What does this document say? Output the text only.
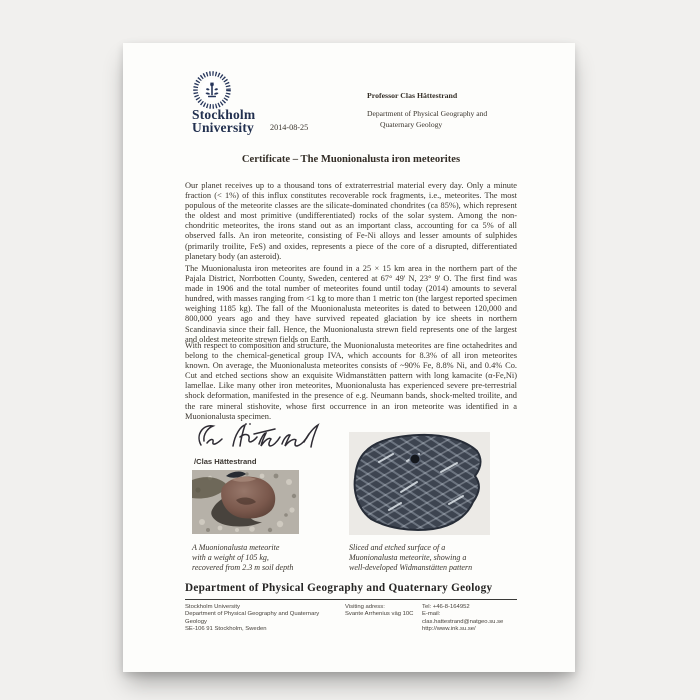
Stockholm
University 2014-08-25
Professor Clas Hättestrand
Department of Physical Geography and
Quaternary Geology
Certificate – The Muonionalusta iron meteorites

Our planet receives up to a thousand tons of extraterrestrial material every day. Only a minute fraction (< 1%) of this influx constitutes recoverable rock fragments, i.e., meteorites. The most populous of the meteorite classes are the silicate-dominated chondrites (ca 85%), which represent the oldest and most primitive (undifferentiated) rocks of the solar system. Among the non-chondritic meteorites, the irons stand out as an important class, accounting for ca 5% of all observed falls. An iron meteorite, consisting of Fe-Ni alloys and lesser amounts of sulphides (primarily troilite, FeS) and oxides, represents a piece of the core of a disrupted, differentiated planetary body (an asteroid).

The Muonionalusta iron meteorites are found in a 25 × 15 km area in the northern part of the Pajala District, Norrbotten County, Sweden, centered at 67° 49' N, 23° 9' O. The first find was made in 1906 and the total number of meteorites found until today (2014) amounts to several hundred, with masses ranging from <1 kg to more than 1 metric ton (the largest reported specimen weighing 1185 kg). The fall of the Muonionalusta meteorites is dated to between 120,000 and 800,000 years ago and they have survived repeated glaciation by ice sheets in northern Scandinavia since their fall. Hence, the Muonionalusta strewn field represents one of the largest and oldest meteorite strewn fields on Earth.

With respect to composition and structure, the Muonionalusta meteorites are fine octahedrites and belong to the chemical-genetical group IVA, which accounts for 8.3% of all iron meteorites known. On average, the Muonionalusta meteorites consists of ~90% Fe, 8.8% Ni, and 0.4% Co. Cut and etched sections show an exquisite Widmanstätten pattern with long kamacite (α-Fe,Ni) lamellae. Like many other iron meteorites, Muonionalusta has experienced severe pre-terrestrial shock deformation, manifested in the presence of e.g. Neumann bands, shock-melted troilite, and the rare mineral stishovite, whose first occurrence in an iron meteorite was identified in a Muonionalusta specimen.

/Clas Hättestrand
A Muonionalusta meteorite
with a weight of 105 kg,
recovered from 2.3 m soil depth
Sliced and etched surface of a
Muonionalusta meteorite, showing a
well-developed Widmanstätten pattern
Department of Physical Geography and Quaternary Geology
Stockholm University
Department of Physical Geography and Quaternary Geology
SE-106 91 Stockholm, Sweden
Visiting adress:
Svante Arrhenius väg 10C
Tel: +46-8-164952
E-mail: clas.hattestrand@natgeo.su.se
http://www.ink.su.se/
